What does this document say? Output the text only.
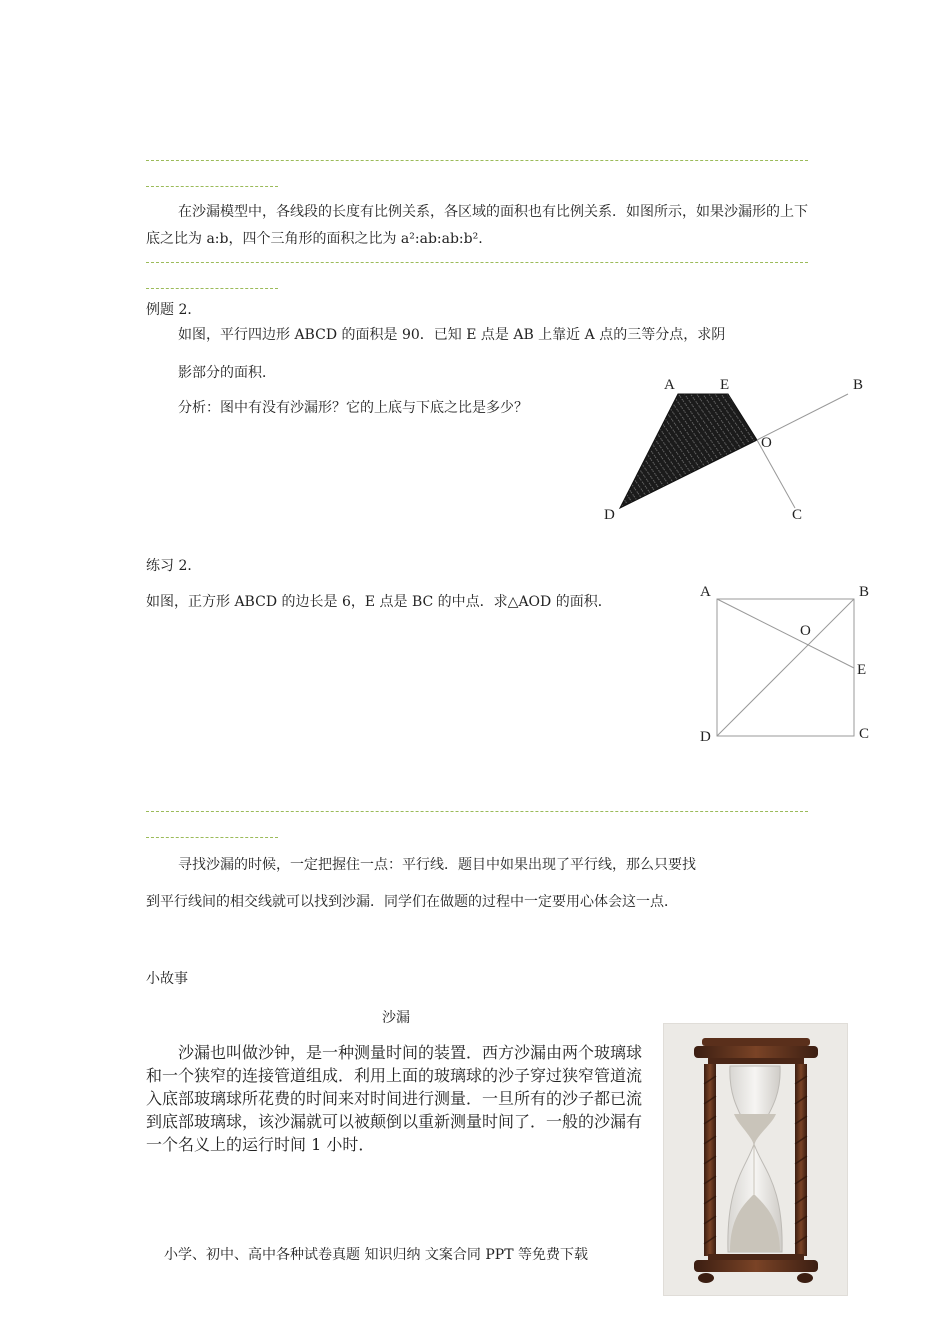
在沙漏模型中，各线段的长度有比例关系，各区域的面积也有比例关系．如图所示，如果沙漏形的上下底之比为 a:b，四个三角形的面积之比为 a²:ab:ab:b².
例题 2．
如图，平行四边形 ABCD 的面积是 90．已知 E 点是 AB 上靠近 A 点的三等分点，求阴
影部分的面积．
分析：图中有没有沙漏形？它的上底与下底之比是多少？
A	E	B
O
D	C
练习 2．
如图，正方形 ABCD 的边长是 6，E 点是 BC 的中点．求△AOD 的面积．
A	B
O
E
D	C
寻找沙漏的时候，一定把握住一点：平行线．题目中如果出现了平行线，那么只要找
到平行线间的相交线就可以找到沙漏．同学们在做题的过程中一定要用心体会这一点．
小故事
沙漏
沙漏也叫做沙钟，是一种测量时间的装置．西方沙漏由两个玻璃球和一个狭窄的连接管道组成．利用上面的玻璃球的沙子穿过狭窄管道流入底部玻璃球所花费的时间来对时间进行测量．一旦所有的沙子都已流到底部玻璃球，该沙漏就可以被颠倒以重新测量时间了．一般的沙漏有一个名义上的运行时间 1 小时．
小学、初中、高中各种试卷真题 知识归纳 文案合同 PPT 等免费下载
